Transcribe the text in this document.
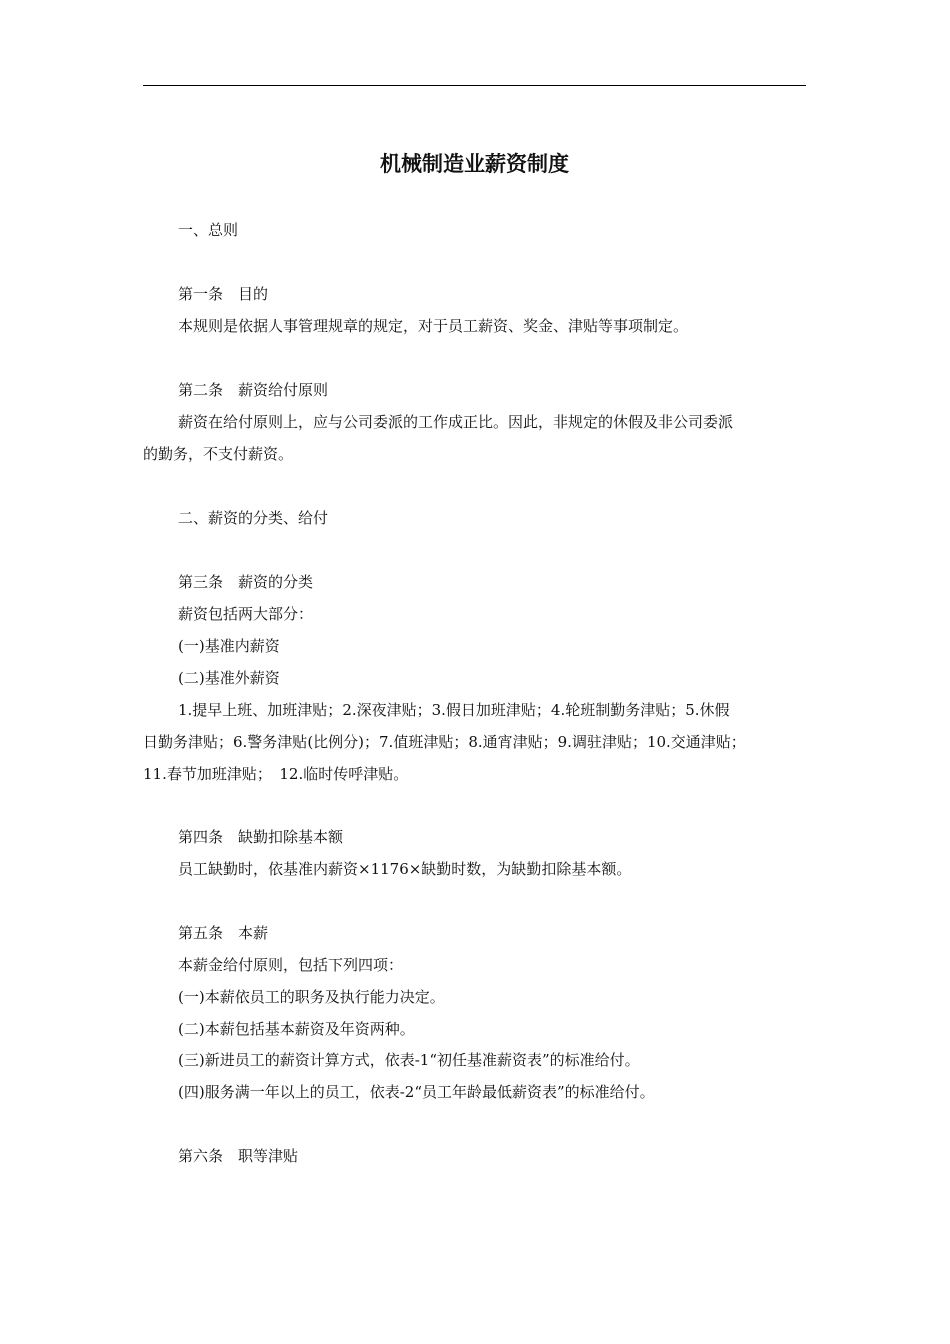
机械制造业薪资制度
一、总则
第一条　目的
本规则是依据人事管理规章的规定，对于员工薪资、奖金、津贴等事项制定。
第二条　薪资给付原则
薪资在给付原则上，应与公司委派的工作成正比。因此，非规定的休假及非公司委派
的勤务，不支付薪资。
二、薪资的分类、给付
第三条　薪资的分类
薪资包括两大部分：
(一)基准内薪资
(二)基准外薪资
1.提早上班、加班津贴；2.深夜津贴；3.假日加班津贴；4.轮班制勤务津贴；5.休假
日勤务津贴；6.警务津贴(比例分)；7.值班津贴；8.通宵津贴；9.调驻津贴；10.交通津贴；
11.春节加班津贴；　12.临时传呼津贴。
第四条　缺勤扣除基本额
员工缺勤时，依基准内薪资×1176×缺勤时数，为缺勤扣除基本额。
第五条　本薪
本薪金给付原则，包括下列四项：
(一)本薪依员工的职务及执行能力决定。
(二)本薪包括基本薪资及年资两种。
(三)新进员工的薪资计算方式，依表-1“初任基准薪资表”的标准给付。
(四)服务满一年以上的员工，依表-2“员工年龄最低薪资表”的标准给付。
第六条　职等津贴
